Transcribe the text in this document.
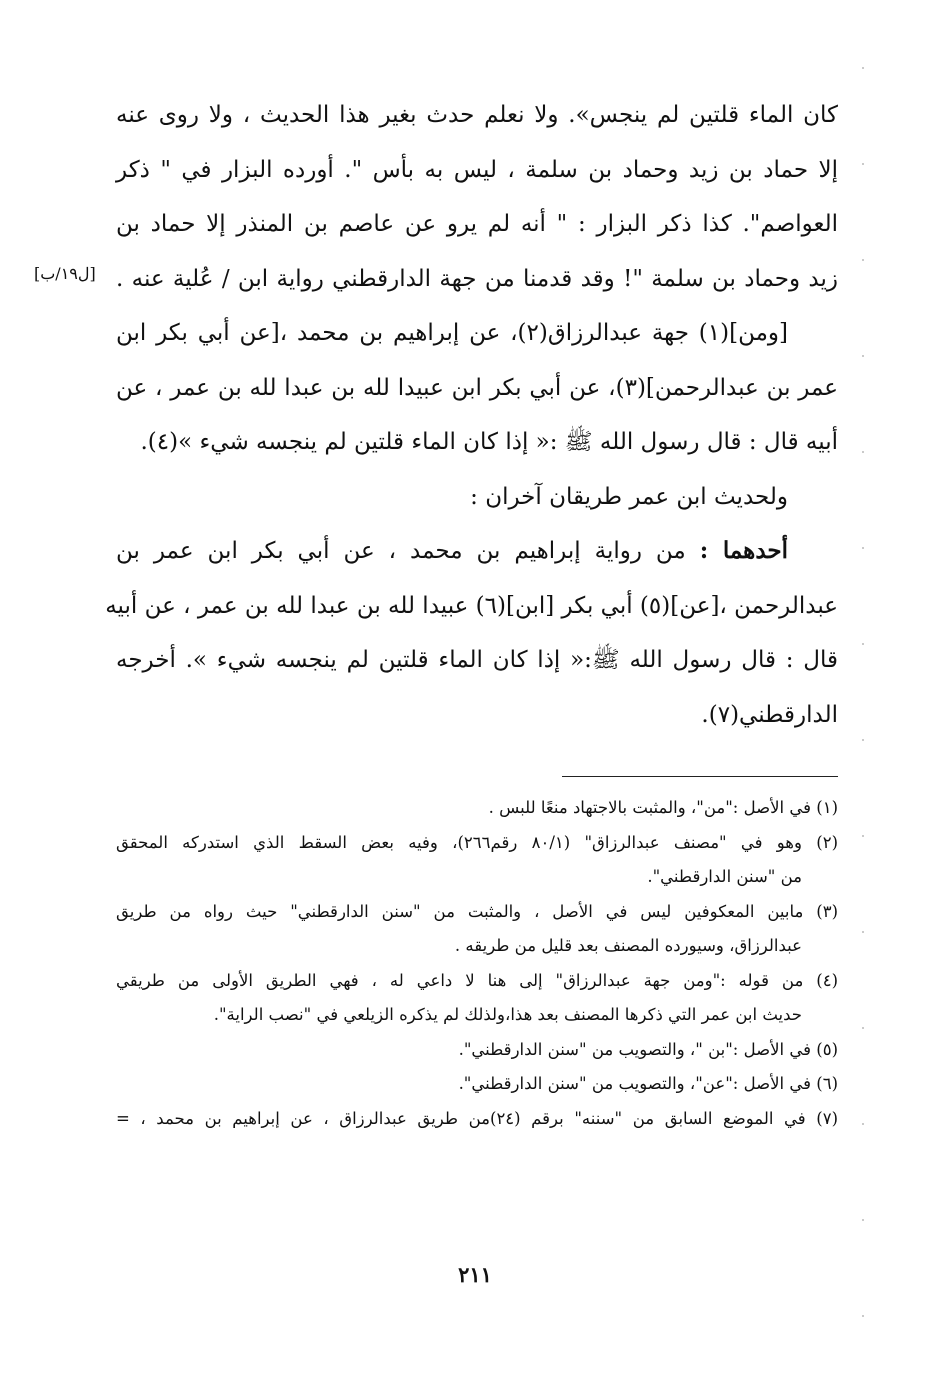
كان الماء قلتين لم ينجس». ولا نعلم حدث بغير هذا الحديث ، ولا روى عنه
إلا حماد بن زيد وحماد بن سلمة ، ليس به بأس ". أورده البزار في " ذكر
العواصم". كذا ذكر البزار : " أنه لم يرو عن عاصم بن المنذر إلا حماد بن
زيد وحماد بن سلمة "! وقد قدمنا من جهة الدارقطني رواية ابن / عُلية عنه .
[ومن](١) جهة عبدالرزاق(٢)، عن إبراهيم بن محمد ،[عن أبي بكر ابن
عمر بن عبدالرحمن](٣)، عن أبي بكر ابن عبيدا لله بن عبدا لله بن عمر ، عن
أبيه قال : قال رسول الله ﷺ :« إذا كان الماء قلتين لم ينجسه شيء »(٤).
ولحديث ابن عمر طريقان آخران :
أحدهما : من رواية إبراهيم بن محمد ، عن أبي بكر ابن عمر بن
عبدالرحمن ،[عن](٥) أبي بكر [ابن](٦) عبيدا لله بن عبدا لله بن عمر ، عن أبيه
قال : قال رسول الله ﷺ:« إذا كان الماء قلتين لم ينجسه شيء ». أخرجه
الدارقطني(٧).
[ل١٩/ب]
(١) في الأصل :"من"، والمثبت بالاجتهاد منعًا للبس .
(٢) وهو في "مصنف عبدالرزاق" (٨٠/١ رقم٢٦٦)، وفيه بعض السقط الذي استدركه المحقق
من "سنن الدارقطني".
(٣) مابين المعكوفين ليس في الأصل ، والمثبت من "سنن الدارقطني" حيث رواه من طريق
عبدالرزاق، وسيورده المصنف بعد قليل من طريقه .
(٤) من قوله :"ومن جهة عبدالرزاق" إلى هنا لا داعي له ، فهي الطريق الأولى من طريقي
حديث ابن عمر التي ذكرها المصنف بعد هذا،ولذلك لم يذكره الزيلعي في "نصب الراية".
(٥) في الأصل :"بن "، والتصويب من "سنن الدارقطني".
(٦) في الأصل :"عن"، والتصويب من "سنن الدارقطني".
(٧) في الموضع السابق من "سننه" برقم (٢٤)من طريق عبدالرزاق ، عن إبراهيم بن محمد ، =
٢١١
